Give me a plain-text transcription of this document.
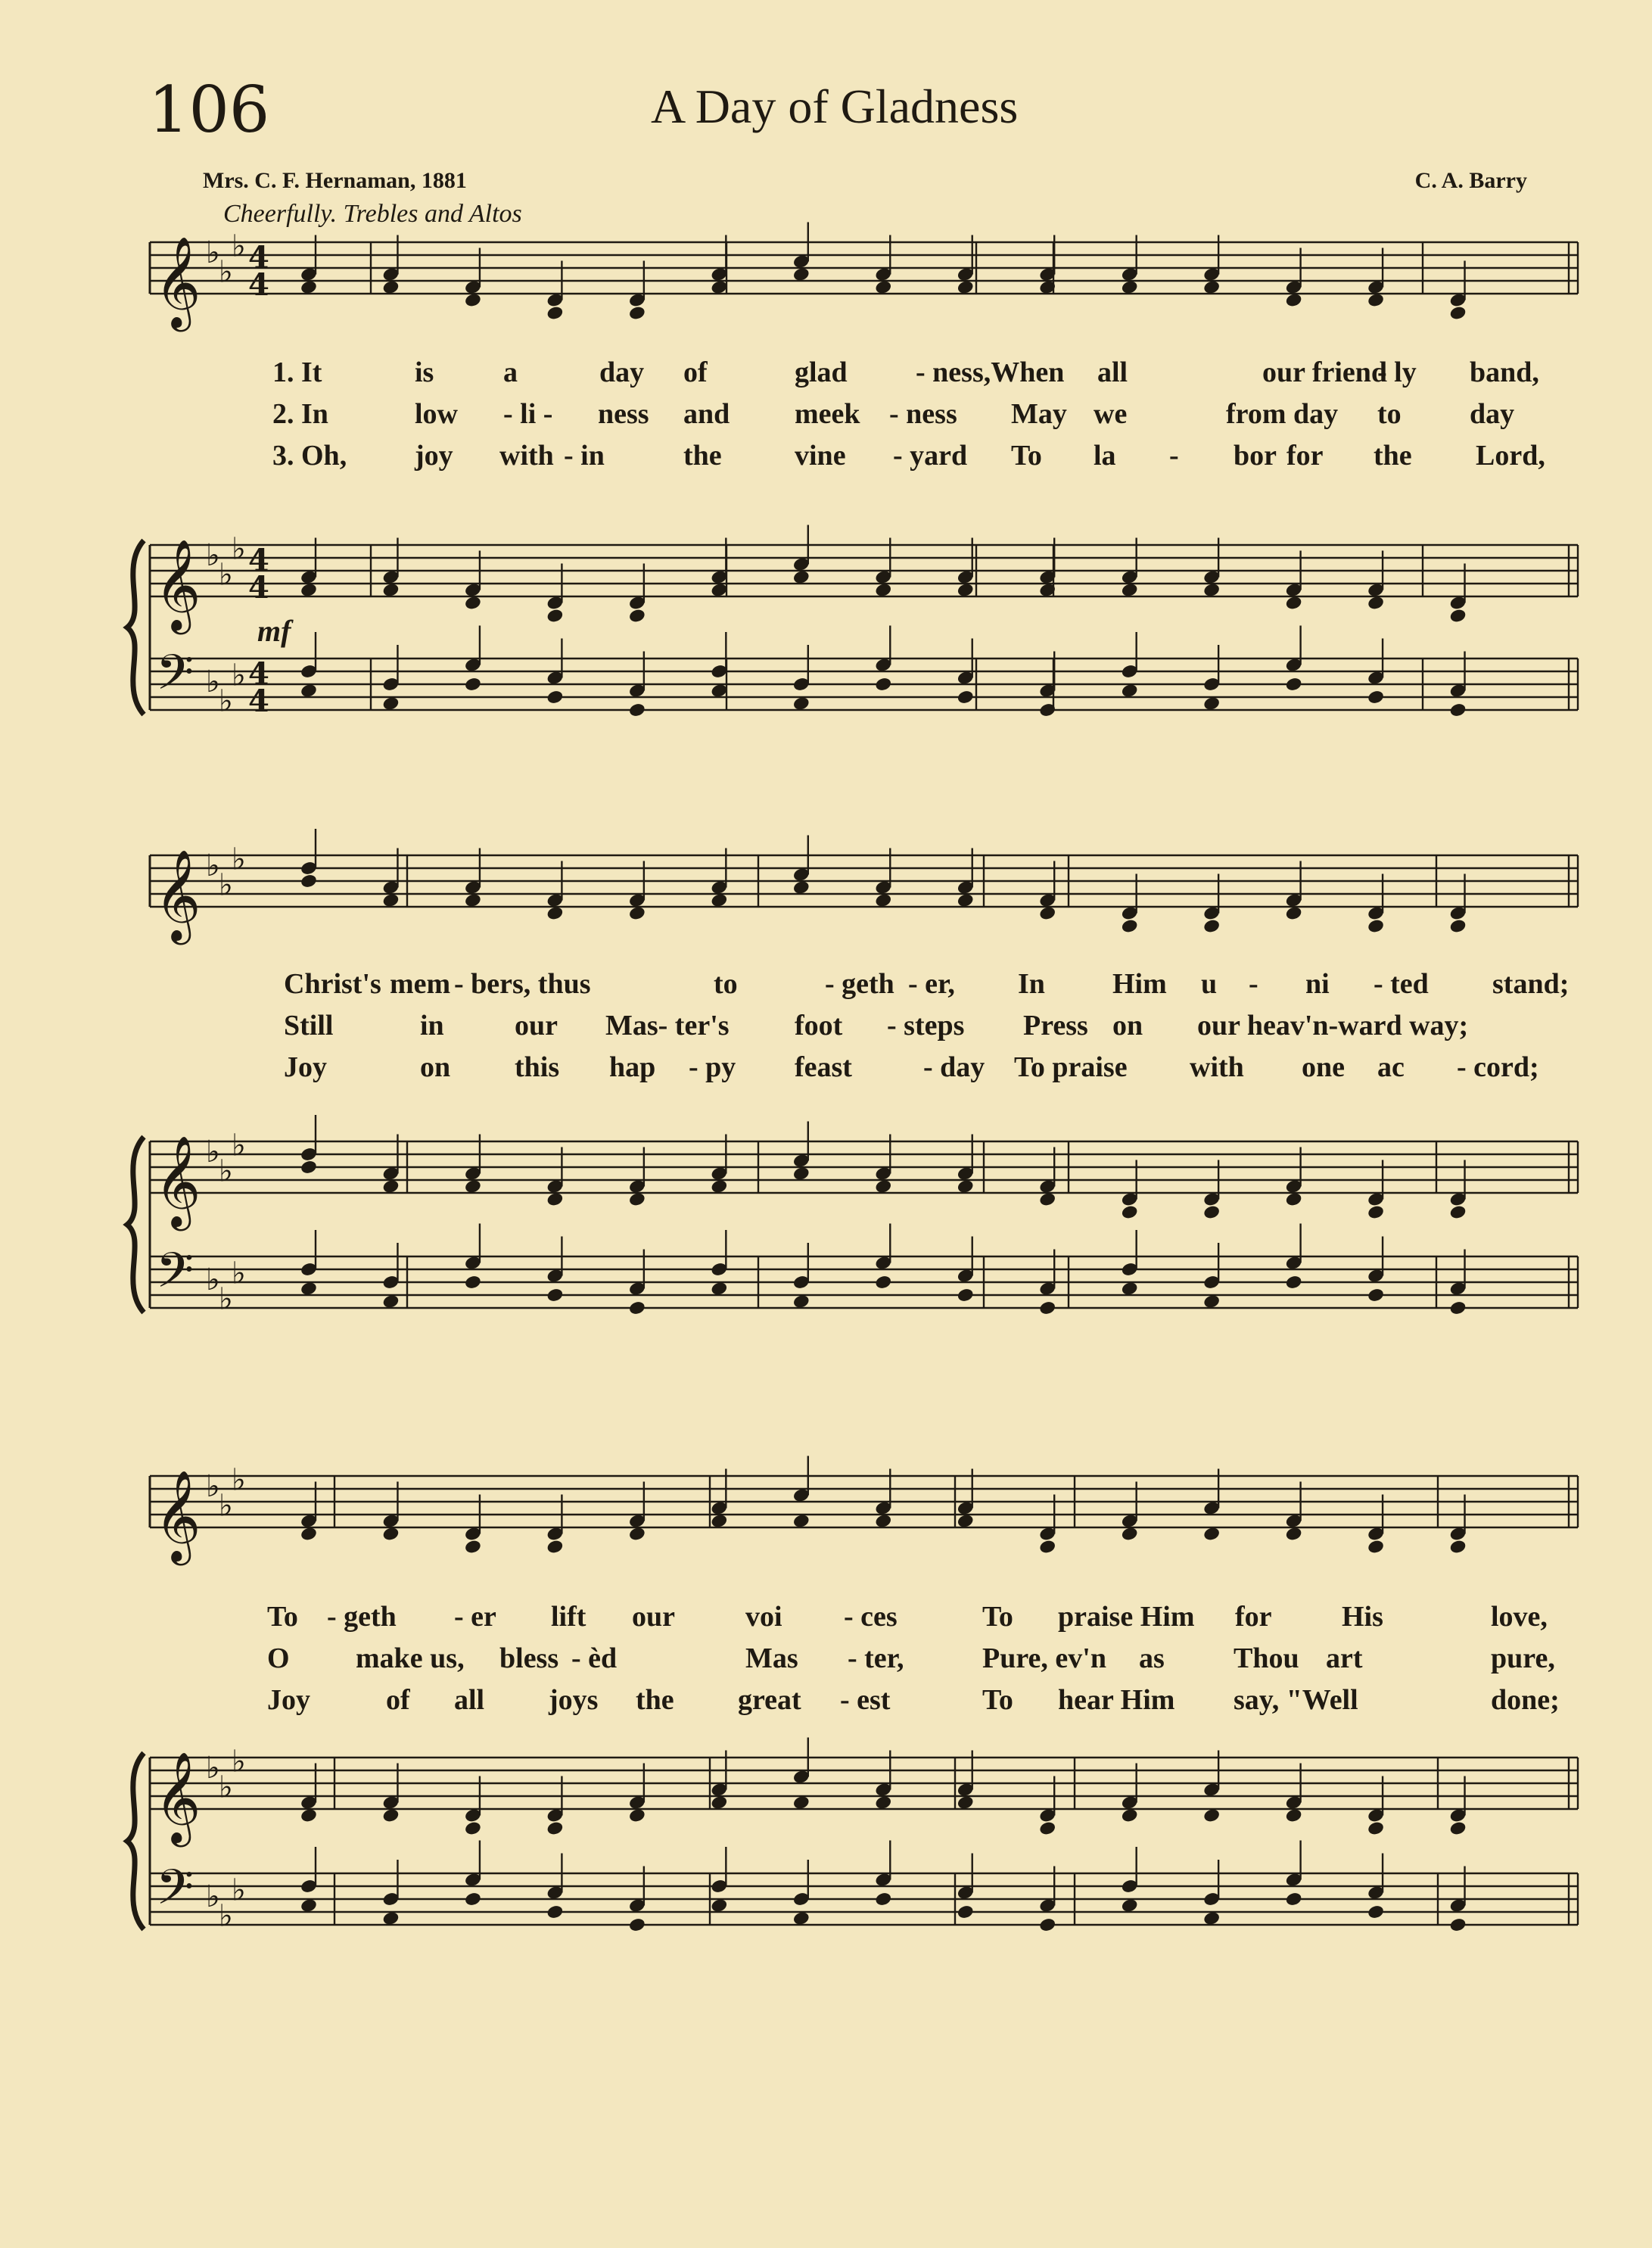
106	A Day of Gladness
Mrs. C. F. Hernaman, 1881	C. A. Barry
Cheerfully. Trebles and Altos
mf
𝄞
𝄞
𝄢
♭
♭
♭
♭
♭
♭
♭
♭
♭
4
4
4
4
4
4
𝄞
𝄞
𝄢
♭
♭
♭
♭
♭
♭
♭
♭
♭
𝄞
𝄞
𝄢
♭
♭
♭
♭
♭
♭
♭
♭
♭
1. It	is a	day of	glad - ness,When all	our friend
- ly band,
2. In	low - li - ness and meek - ness May we	from day to day
3. Oh, joy with - in	the	vine - yard To la - bor for the Lord,
Christ's mem - bers, thus	to	- geth - er, In Him u - ni - ted stand;
Still	in our Mas- ter's foot - steps Press on our heav'n-ward way;
Joy	on this hap - py feast - day To praise with one ac - cord;
To - geth - er lift our voi - ces	To praise Him for His	love,
O make us, bless - èd	Mas - ter,	Pure, ev'n as Thou art	pure,
Joy	of all joys the great - est	To hear Him say, "Well	done;
